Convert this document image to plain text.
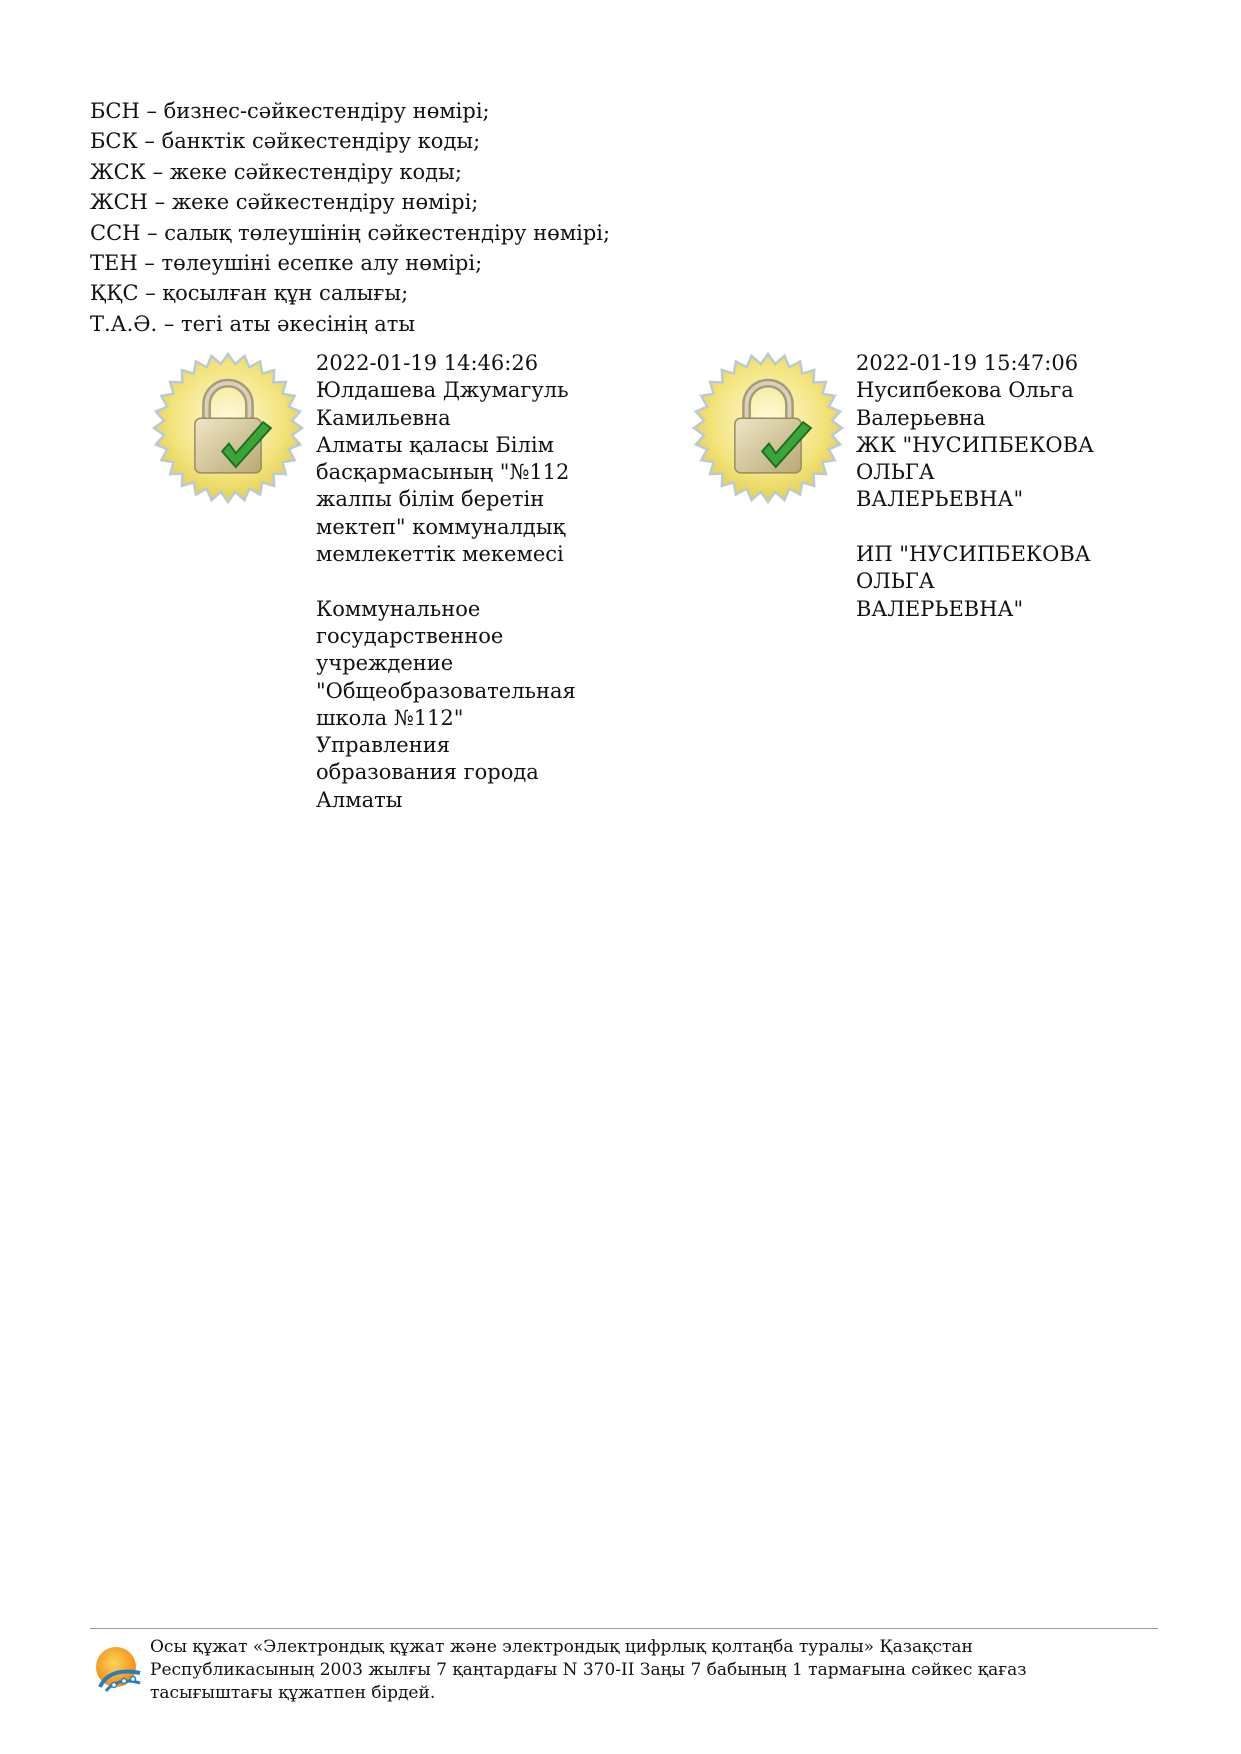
БСН – бизнес-сәйкестендіру нөмірі;
БСК – банктік сәйкестендіру коды;
ЖСК – жеке сәйкестендіру коды;
ЖСН – жеке сәйкестендіру нөмірі;
ССН – салық төлеушінің сәйкестендіру нөмірі;
ТЕН – төлеушіні есепке алу нөмірі;
ҚҚС – қосылған құн салығы;
Т.А.Ә. – тегі аты әкесінің аты

2022-01-19 14:46:26

Юлдашева Джумагуль

Камильевна

Алматы қаласы Білім

басқармасының "№112

жалпы білім беретін

мектеп" коммуналдық

мемлекеттік мекемесі

Коммунальное

государственное

учреждение

"Общеобразовательная

школа №112"

Управления

образования города

Алматы

2022-01-19 15:47:06

Нусипбекова Ольга

Валерьевна

ЖК "НУСИПБЕКОВА

ОЛЬГА

ВАЛЕРЬЕВНА"

ИП "НУСИПБЕКОВА

ОЛЬГА

ВАЛЕРЬЕВНА"

Осы құжат «Электрондық құжат және электрондық цифрлық қолтаңба туралы» Қазақстан
Республикасының 2003 жылғы 7 қаңтардағы N 370-II Заңы 7 бабының 1 тармағына сәйкес қағаз
тасығыштағы құжатпен бірдей.
